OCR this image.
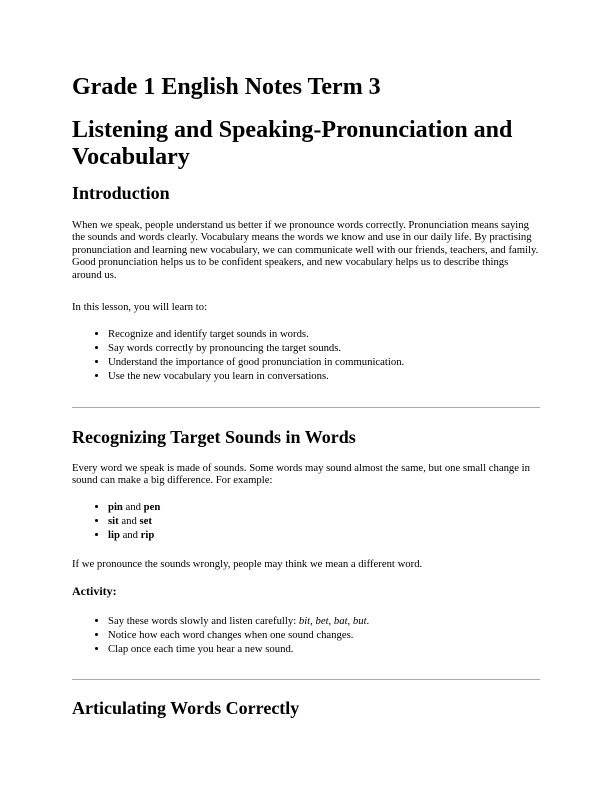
Grade 1 English Notes Term 3
Listening and Speaking-Pronunciation and Vocabulary
Introduction

When we speak, people understand us better if we pronounce words correctly. Pronunciation means saying the sounds and words clearly. Vocabulary means the words we know and use in our daily life. By practising pronunciation and learning new vocabulary, we can communicate well with our friends, teachers, and family. Good pronunciation helps us to be confident speakers, and new vocabulary helps us to describe things around us.

In this lesson, you will learn to:

• Recognize and identify target sounds in words.
• Say words correctly by pronouncing the target sounds.
• Understand the importance of good pronunciation in communication.
• Use the new vocabulary you learn in conversations.
Recognizing Target Sounds in Words

Every word we speak is made of sounds. Some words may sound almost the same, but one small change in sound can make a big difference. For example:

• pin and pen
• sit and set
• lip and rip

If we pronounce the sounds wrongly, people may think we mean a different word.

Activity:

• Say these words slowly and listen carefully: bit, bet, bat, but.
• Notice how each word changes when one sound changes.
• Clap once each time you hear a new sound.
Articulating Words Correctly
